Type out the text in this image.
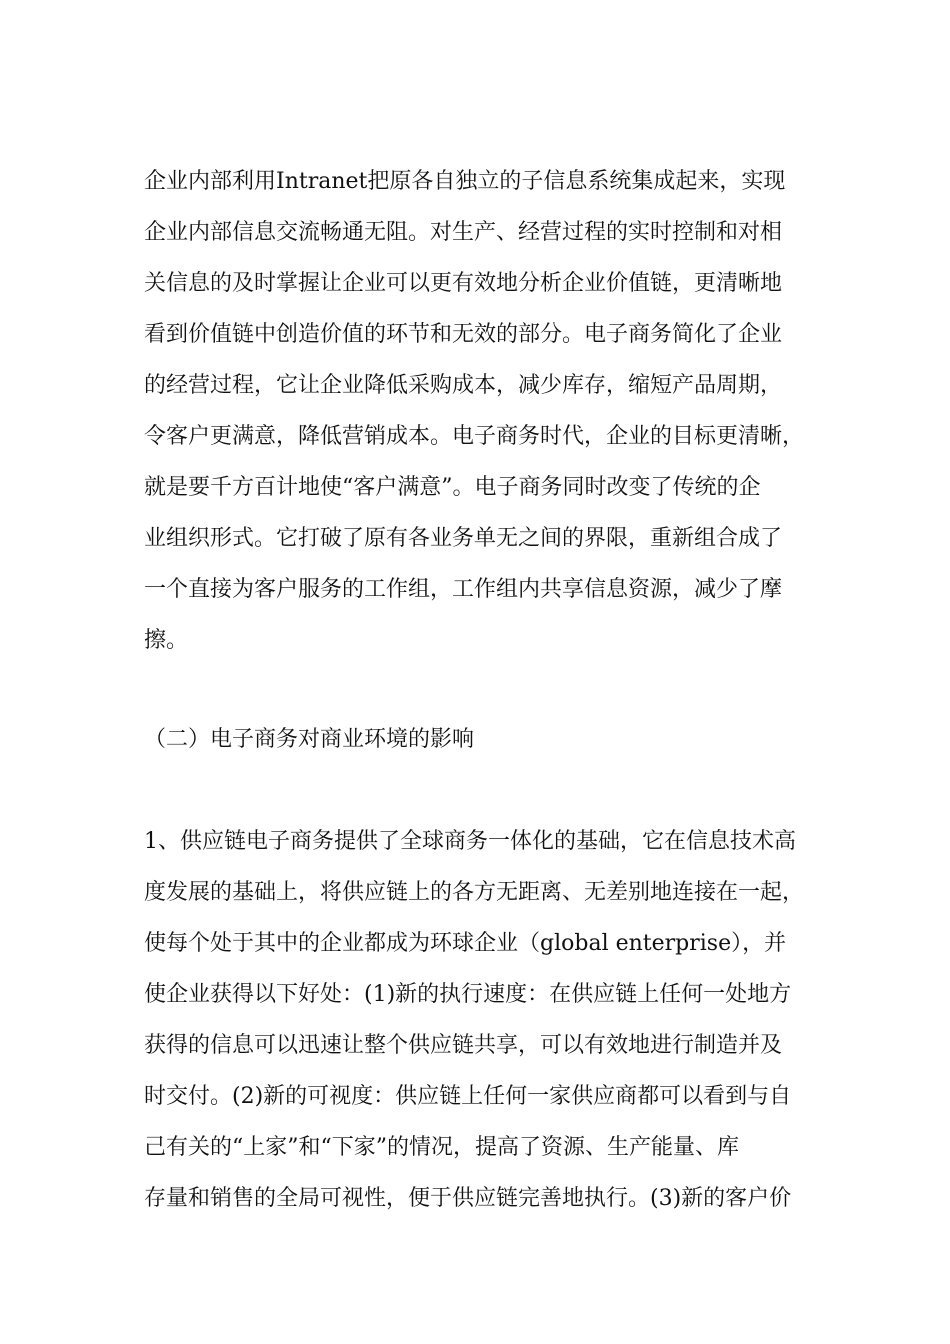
企业内部利用Intranet把原各自独立的子信息系统集成起来，实现
企业内部信息交流畅通无阻。对生产、经营过程的实时控制和对相
关信息的及时掌握让企业可以更有效地分析企业价值链，更清晰地
看到价值链中创造价值的环节和无效的部分。电子商务简化了企业
的经营过程，它让企业降低采购成本，减少库存，缩短产品周期，
令客户更满意，降低营销成本。电子商务时代，企业的目标更清晰，
就是要千方百计地使“客户满意”。电子商务同时改变了传统的企
业组织形式。它打破了原有各业务单无之间的界限，重新组合成了
一个直接为客户服务的工作组，工作组内共享信息资源，减少了摩
擦。
（二）电子商务对商业环境的影响
1、供应链电子商务提供了全球商务一体化的基础，它在信息技术高
度发展的基础上，将供应链上的各方无距离、无差别地连接在一起，
使每个处于其中的企业都成为环球企业（global enterprise），并
使企业获得以下好处：(1)新的执行速度：在供应链上任何一处地方
获得的信息可以迅速让整个供应链共享，可以有效地进行制造并及
时交付。(2)新的可视度：供应链上任何一家供应商都可以看到与自
己有关的“上家”和“下家”的情况，提高了资源、生产能量、库
存量和销售的全局可视性，便于供应链完善地执行。(3)新的客户价
